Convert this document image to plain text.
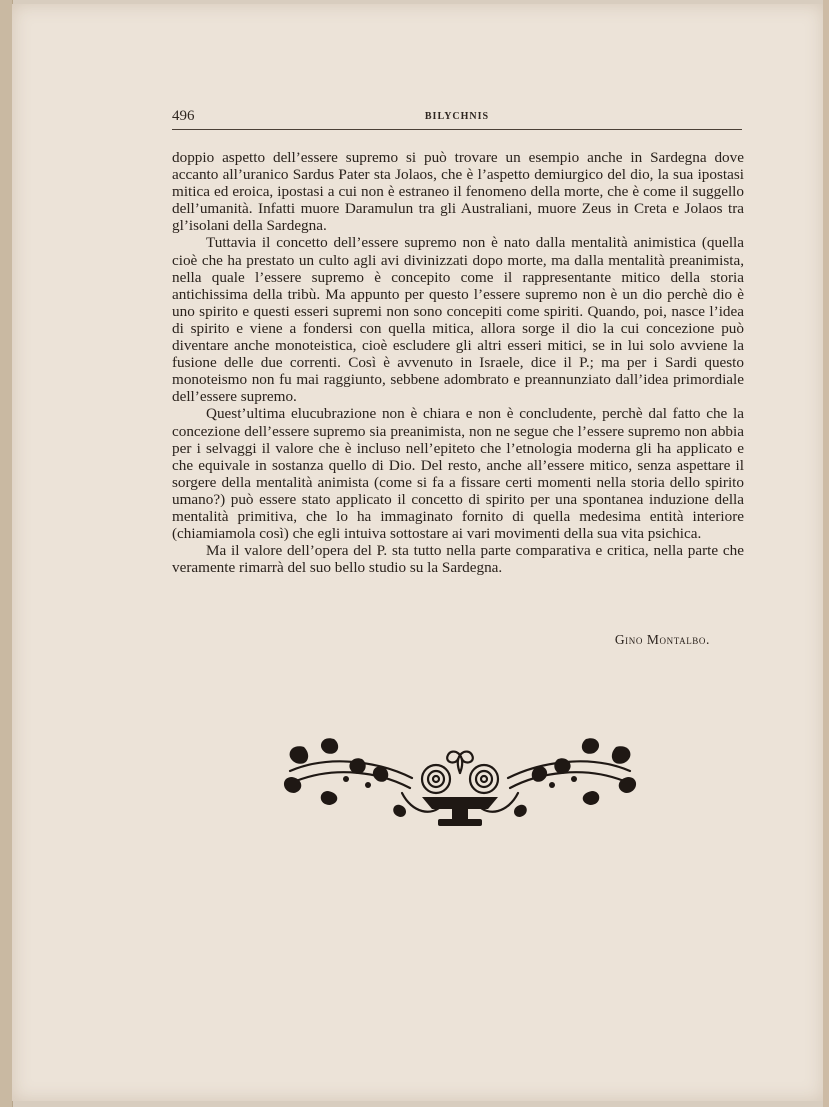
496	BILYCHNIS

doppio aspetto dell’essere supremo si può trovare un esempio anche in Sardegna dove accanto all’uranico Sardus Pater sta Jolaos, che è l’aspetto demiurgico del dio, la sua ipostasi mitica ed eroica, ipostasi a cui non è estraneo il fenomeno della morte, che è come il suggello dell’umanità. Infatti muore Daramulun tra gli Australiani, muore Zeus in Creta e Jolaos tra gl’isolani della Sardegna.

Tuttavia il concetto dell’essere supremo non è nato dalla mentalità animistica (quella cioè che ha prestato un culto agli avi divinizzati dopo morte, ma dalla mentalità preanimista, nella quale l’essere supremo è concepito come il rappresentante mitico della storia antichissima della tribù. Ma appunto per questo l’essere supremo non è un dio perchè dio è uno spirito e questi esseri supremi non sono concepiti come spiriti. Quando, poi, nasce l’idea di spirito e viene a fondersi con quella mitica, allora sorge il dio la cui concezione può diventare anche monoteistica, cioè escludere gli altri esseri mitici, se in lui solo avviene la fusione delle due correnti. Così è avvenuto in Israele, dice il P.; ma per i Sardi questo monoteismo non fu mai raggiunto, sebbene adombrato e preannunziato dall’idea primordiale dell’essere supremo.

Quest’ultima elucubrazione non è chiara e non è concludente, perchè dal fatto che la concezione dell’essere supremo sia preanimista, non ne segue che l’essere supremo non abbia per i selvaggi il valore che è incluso nell’epiteto che l’etnologia moderna gli ha applicato e che equivale in sostanza quello di Dio. Del resto, anche all’essere mitico, senza aspettare il sorgere della mentalità animista (come si fa a fissare certi momenti nella storia dello spirito umano?) può essere stato applicato il concetto di spirito per una spontanea induzione della mentalità primitiva, che lo ha immaginato fornito di quella medesima entità interiore (chiamiamola così) che egli intuiva sottostare ai vari movimenti della sua vita psichica.

Ma il valore dell’opera del P. sta tutto nella parte comparativa e critica, nella parte che veramente rimarrà del suo bello studio su la Sardegna.

Gino Montalbo.
